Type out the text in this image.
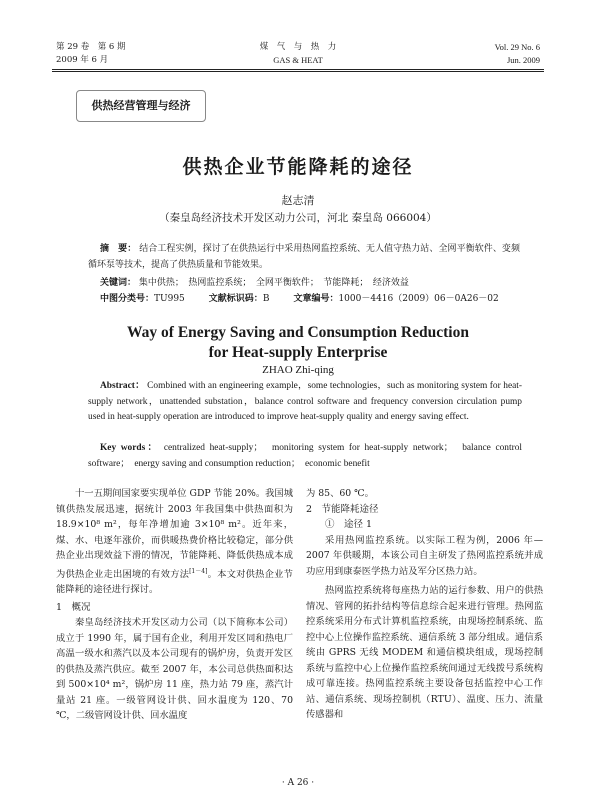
第 29 卷　第 6 期
2009 年 6 月
煤　气　与　热　力
GAS & HEAT
Vol. 29 No. 6
Jun. 2009
供热经营管理与经济
供热企业节能降耗的途径
赵志清
（秦皇岛经济技术开发区动力公司，河北 秦皇岛 066004）
摘　要： 结合工程实例，探讨了在供热运行中采用热网监控系统、无人值守热力站、全网平衡软件、变频循环泵等技术，提高了供热质量和节能效果。
关键词： 集中供热；　热网监控系统；　全网平衡软件；　节能降耗；　经济效益
中图分类号：TU995	文献标识码：B	文章编号：1000－4416（2009）06－0A26－02
Way of Energy Saving and Consumption Reduction
for Heat-supply Enterprise
ZHAO Zhi-qing
Abstract： Combined with an engineering example，some technologies，such as monitoring system for heat-supply network，unattended substation，balance control software and frequency conversion circulation pump used in heat-supply operation are introduced to improve heat-supply quality and energy saving effect.
Key words： centralized heat-supply；　monitoring system for heat-supply network；　balance control software；　energy saving and consumption reduction；　economic benefit
十一五期间国家要实现单位 GDP 节能 20%。我国城镇供热发展迅速，据统计 2003 年我国集中供热面积为 18.9×10⁸ m²，每年净增加逾 3×10⁸ m²。近年来，煤、水、电逐年涨价，而供暖热费价格比较稳定，部分供热企业出现效益下滑的情况，节能降耗、降低供热成本成为供热企业走出困境的有效方法[1－4]。本文对供热企业节能降耗的途径进行探讨。
1　概况
秦皇岛经济技术开发区动力公司（以下简称本公司）成立于 1990 年，属于国有企业，利用开发区同和热电厂高温一级水和蒸汽以及本公司现有的锅炉房，负责开发区的供热及蒸汽供应。截至 2007 年，本公司总供热面积达到 500×10⁴ m²，锅炉房 11 座，热力站 79 座，蒸汽计量站 21 座。一级管网设计供、回水温度为 120、70 ℃，二级管网设计供、回水温度
为 85、60 ℃。
2　节能降耗途径
①　途径 1
采用热网监控系统。以实际工程为例，2006 年—2007 年供暖期，本该公司自主研发了热网监控系统并成功应用到康泰医学热力站及军分区热力站。
热网监控系统将每座热力站的运行参数、用户的供热情况、管网的拓扑结构等信息综合起来进行管理。热网监控系统采用分布式计算机监控系统，由现场控制系统、监控中心上位操作监控系统、通信系统 3 部分组成。通信系统由 GPRS 无线 MODEM 和通信模块组成，现场控制系统与监控中心上位操作监控系统间通过无线拨号系统构成可靠连接。热网监控系统主要设备包括监控中心工作站、通信系统、现场控制机（RTU）、温度、压力、流量传感器和
· A 26 ·
